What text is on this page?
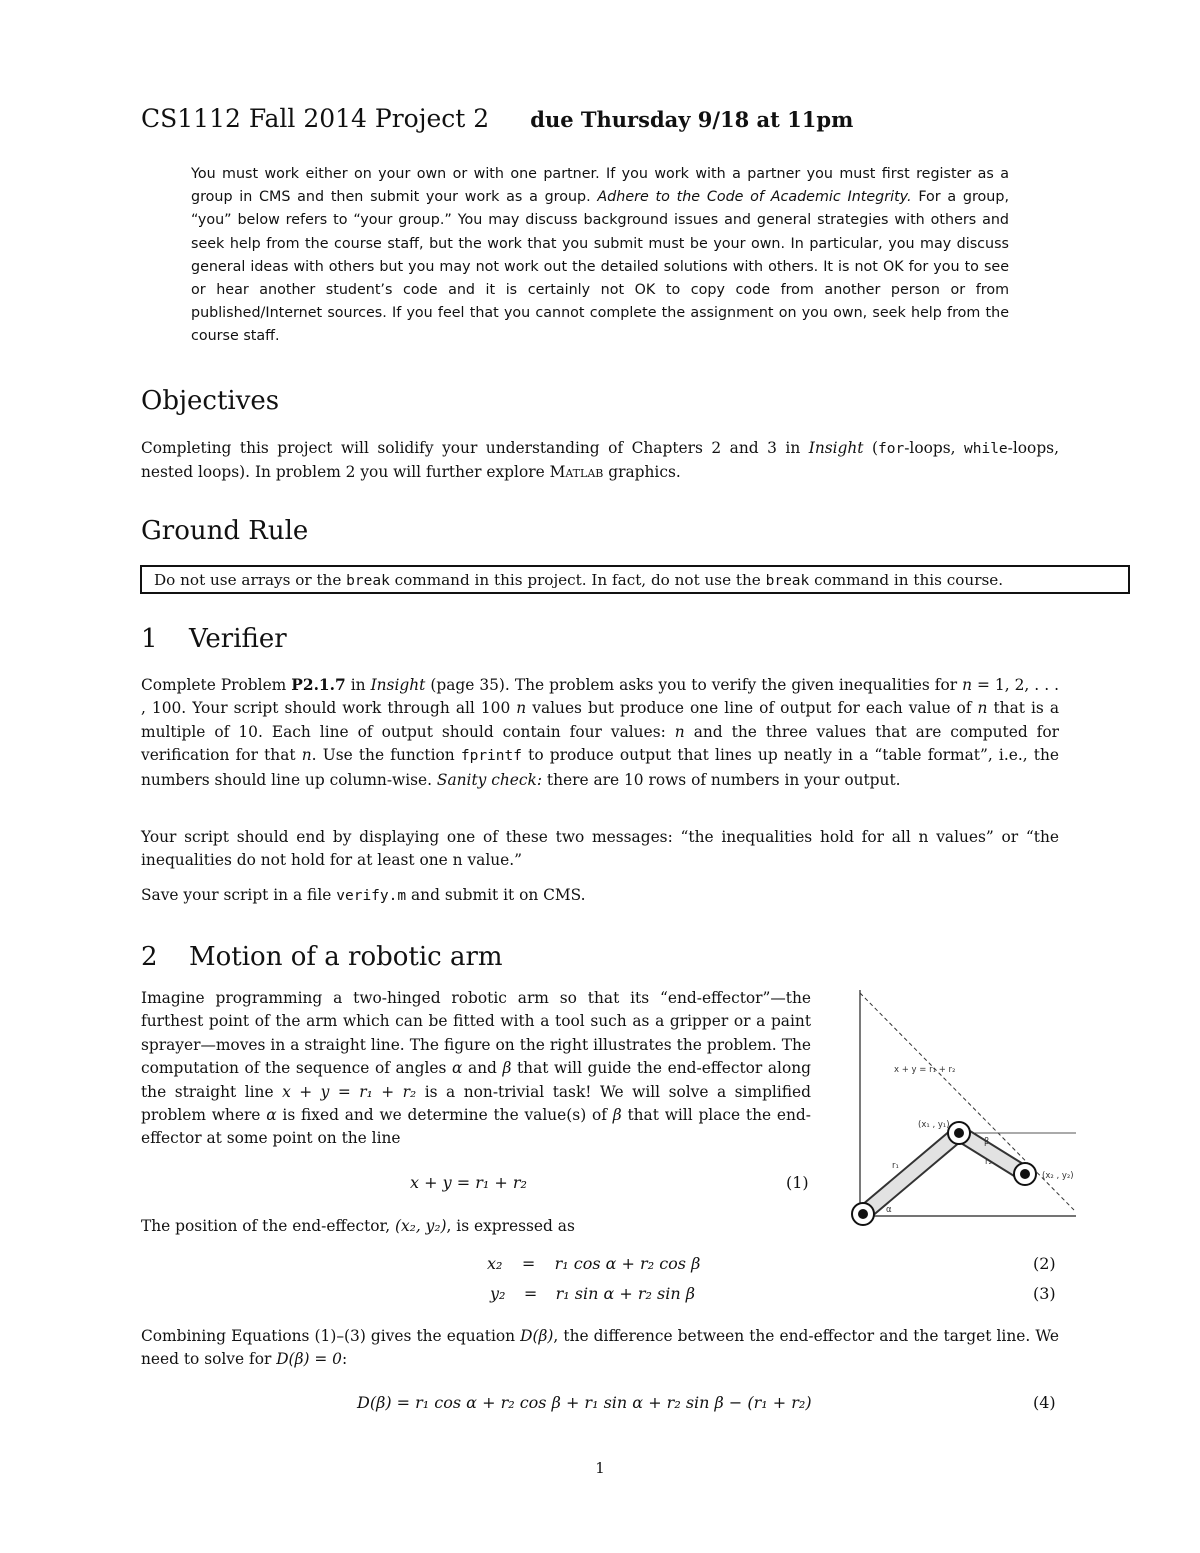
CS1112 Fall 2014 Project 2 due Thursday 9/18 at 11pm
You must work either on your own or with one partner. If you work with a partner you must first register as a group in CMS and then submit your work as a group. Adhere to the Code of Academic Integrity. For a group, “you” below refers to “your group.” You may discuss background issues and general strategies with others and seek help from the course staff, but the work that you submit must be your own. In particular, you may discuss general ideas with others but you may not work out the detailed solutions with others. It is not OK for you to see or hear another student’s code and it is certainly not OK to copy code from another person or from published/Internet sources. If you feel that you cannot complete the assignment on you own, seek help from the course staff.
Objectives
Completing this project will solidify your understanding of Chapters 2 and 3 in Insight (for-loops, while-loops, nested loops). In problem 2 you will further explore Matlab graphics.
Ground Rule
Do not use arrays or the break command in this project. In fact, do not use the break command in this course.
1 Verifier
Complete Problem P2.1.7 in Insight (page 35). The problem asks you to verify the given inequalities for n = 1, 2, . . . , 100. Your script should work through all 100 n values but produce one line of output for each value of n that is a multiple of 10. Each line of output should contain four values: n and the three values that are computed for verification for that n. Use the function fprintf to produce output that lines up neatly in a “table format”, i.e., the numbers should line up column-wise. Sanity check: there are 10 rows of numbers in your output.
Your script should end by displaying one of these two messages: “the inequalities hold for all n values” or “the inequalities do not hold for at least one n value.”
Save your script in a file verify.m and submit it on CMS.
2 Motion of a robotic arm
Imagine programming a two-hinged robotic arm so that its “end-effector”—the furthest point of the arm which can be fitted with a tool such as a gripper or a paint sprayer—moves in a straight line. The figure on the right illustrates the problem. The computation of the sequence of angles α and β that will guide the end-effector along the straight line x + y = r₁ + r₂ is a non-trivial task! We will solve a simplified problem where α is fixed and we determine the value(s) of β that will place the end-effector at some point on the line
x + y = r₁ + r₂	(1)
x + y = r₁ + r₂
(x₁ , y₁)
(x₂ , y₂)
r₁	r₂
α
β
The position of the end-effector, (x₂, y₂), is expressed as
x₂ = r₁ cos α + r₂ cos β	(2)
y₂ = r₁ sin α + r₂ sin β	(3)
Combining Equations (1)–(3) gives the equation D(β), the difference between the end-effector and the target line. We need to solve for D(β) = 0:
D(β) = r₁ cos α + r₂ cos β + r₁ sin α + r₂ sin β − (r₁ + r₂)	(4)
1
